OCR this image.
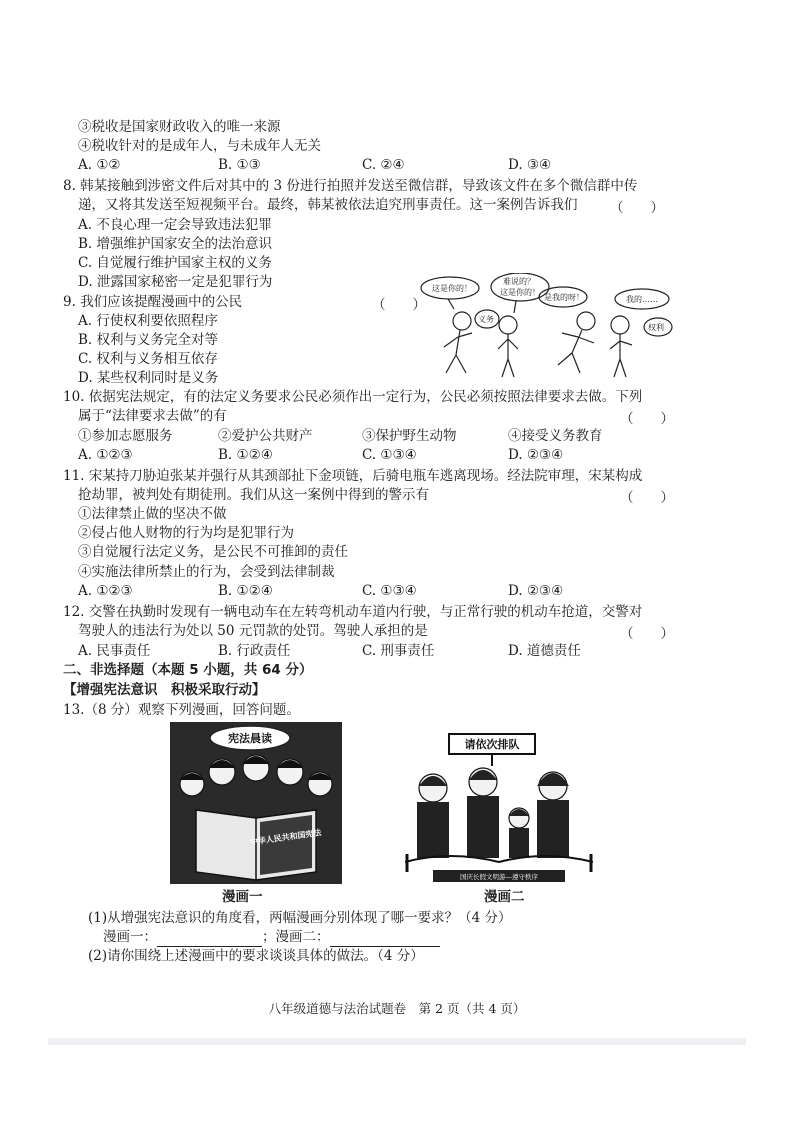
③税收是国家财政收入的唯一来源
④税收针对的是成年人，与未成年人无关
A. ①②	B. ①③	C. ②④	D. ③④
8. 韩某接触到涉密文件后对其中的 3 份进行拍照并发送至微信群，导致该文件在多个微信群中传
递，又将其发送至短视频平台。最终，韩某被依法追究刑事责任。这一案例告诉我们 （　　）
A. 不良心理一定会导致违法犯罪
B. 增强维护国家安全的法治意识
C. 自觉履行维护国家主权的义务
D. 泄露国家秘密一定是犯罪行为
9. 我们应该提醒漫画中的公民	（　　）
A. 行使权利要依照程序
B. 权利与义务完全对等
C. 权利与义务相互依存
D. 某些权利同时是义务
这是你的！
难说的？
这是你的！
是我的呀！	我的……
义务
权利
10. 依据宪法规定，有的法定义务要求公民必须作出一定行为，公民必须按照法律要求去做。下列
属于“法律要求去做”的有	（　　）
①参加志愿服务	②爱护公共财产	③保护野生动物	④接受义务教育
A. ①②③	B. ①②④	C. ①③④	D. ②③④
11. 宋某持刀胁迫张某并强行从其颈部扯下金项链，后骑电瓶车逃离现场。经法院审理，宋某构成
抢劫罪，被判处有期徒刑。我们从这一案例中得到的警示有	（　　）
①法律禁止做的坚决不做
②侵占他人财物的行为均是犯罪行为
③自觉履行法定义务，是公民不可推卸的责任
④实施法律所禁止的行为，会受到法律制裁
A. ①②③	B. ①②④	C. ①③④	D. ②③④
12. 交警在执勤时发现有一辆电动车在左转弯机动车道内行驶，与正常行驶的机动车抢道，交警对
驾驶人的违法行为处以 50 元罚款的处罚。驾驶人承担的是	（　　）
A. 民事责任	B. 行政责任	C. 刑事责任	D. 道德责任
二、非选择题（本题 5 小题，共 64 分）
【增强宪法意识　积极采取行动】
13.（8 分）观察下列漫画，回答问题。
宪法晨读
中华人民共和国宪法
漫画一
请依次排队
国庆长假文明游—遵守秩序
漫画二
(1)从增强宪法意识的角度看，两幅漫画分别体现了哪一要求？（4 分）
漫画一：	；漫画二：
(2)请你围绕上述漫画中的要求谈谈具体的做法。（4 分）
八年级道德与法治试题卷　第 2 页（共 4 页）
